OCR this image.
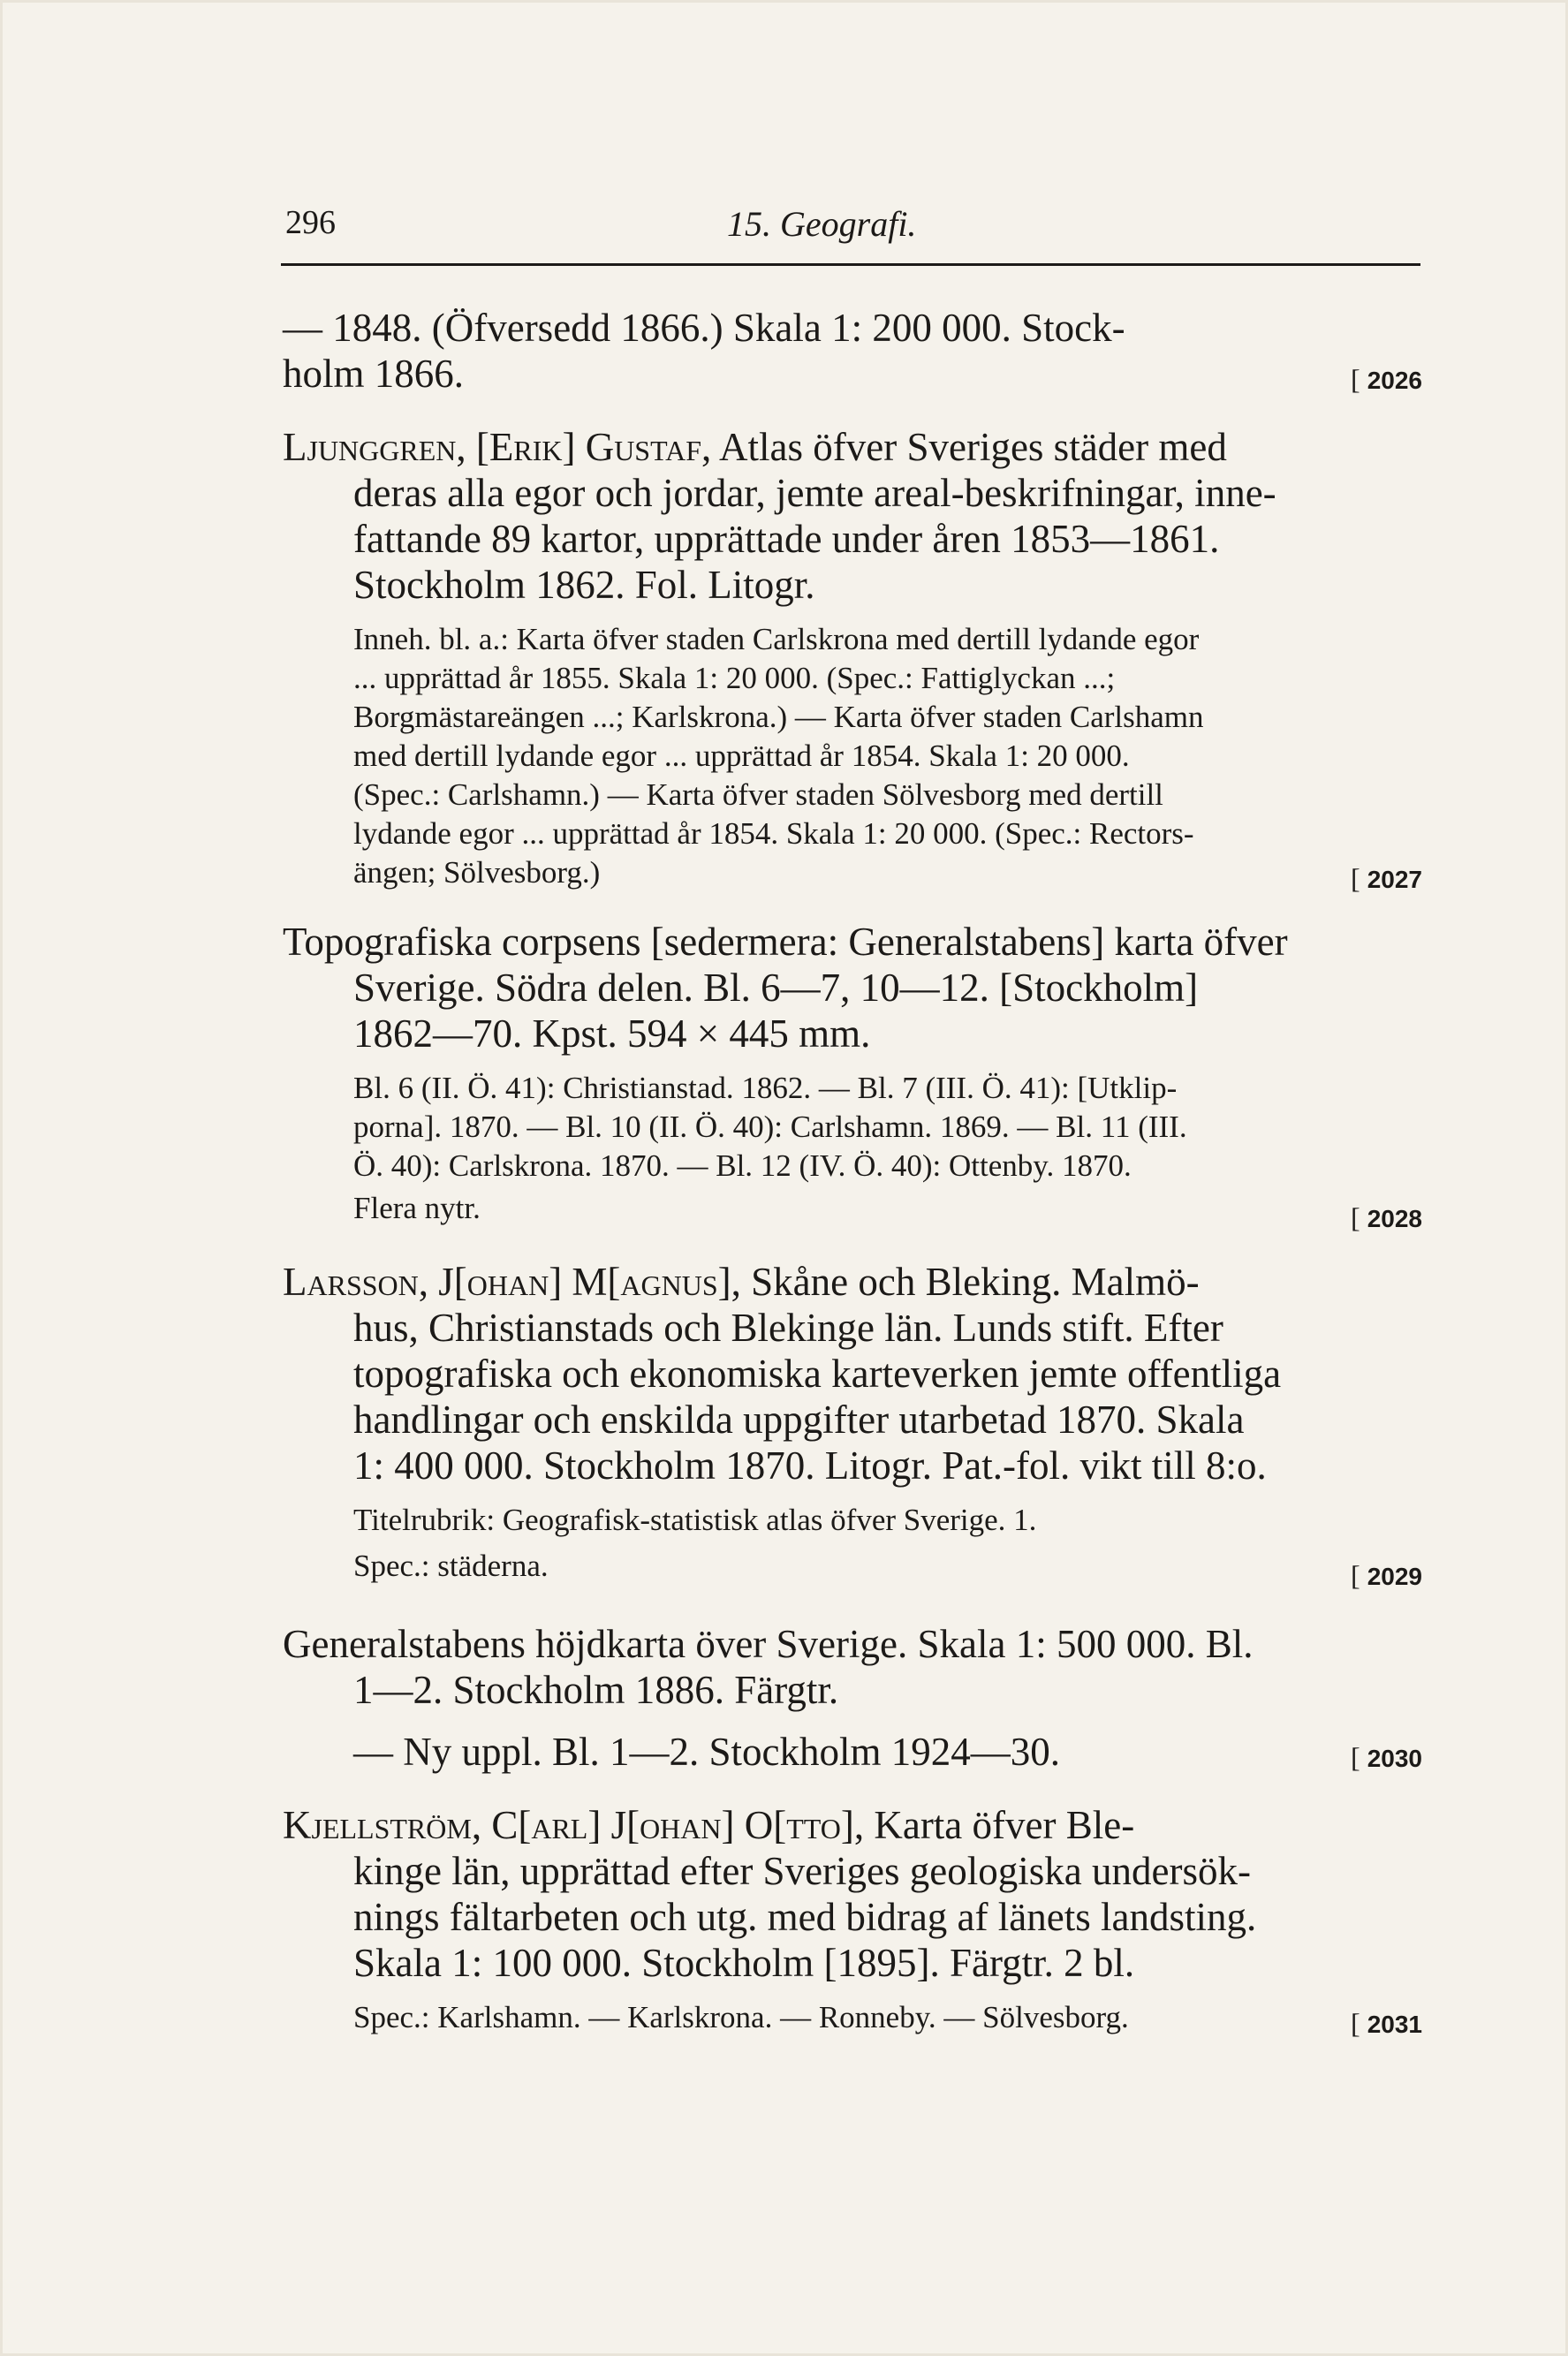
296	15. Geografi.
— 1848. (Öfversedd 1866.) Skala 1: 200 000. Stock-
holm 1866.	[ 2026
Ljunggren, [Erik] Gustaf, Atlas öfver Sveriges städer med
deras alla egor och jordar, jemte areal-beskrifningar, inne-
fattande 89 kartor, upprättade under åren 1853—1861.
Stockholm 1862. Fol. Litogr.
Inneh. bl. a.: Karta öfver staden Carlskrona med dertill lydande egor
... upprättad år 1855. Skala 1: 20 000. (Spec.: Fattiglyckan ...;
Borgmästareängen ...; Karlskrona.) — Karta öfver staden Carlshamn
med dertill lydande egor ... upprättad år 1854. Skala 1: 20 000.
(Spec.: Carlshamn.) — Karta öfver staden Sölvesborg med dertill
lydande egor ... upprättad år 1854. Skala 1: 20 000. (Spec.: Rectors-
ängen; Sölvesborg.)	[ 2027
Topografiska corpsens [sedermera: Generalstabens] karta öfver
Sverige. Södra delen. Bl. 6—7, 10—12. [Stockholm]
1862—70. Kpst. 594 × 445 mm.
Bl. 6 (II. Ö. 41): Christianstad. 1862. — Bl. 7 (III. Ö. 41): [Utklip-
porna]. 1870. — Bl. 10 (II. Ö. 40): Carlshamn. 1869. — Bl. 11 (III.
Ö. 40): Carlskrona. 1870. — Bl. 12 (IV. Ö. 40): Ottenby. 1870.
Flera nytr.	[ 2028
Larsson, J[ohan] M[agnus], Skåne och Bleking. Malmö-
hus, Christianstads och Blekinge län. Lunds stift. Efter
topografiska och ekonomiska karteverken jemte offentliga
handlingar och enskilda uppgifter utarbetad 1870. Skala
1: 400 000. Stockholm 1870. Litogr. Pat.-fol. vikt till 8:o.
Titelrubrik: Geografisk-statistisk atlas öfver Sverige. 1.
Spec.: städerna.	[ 2029
Generalstabens höjdkarta över Sverige. Skala 1: 500 000. Bl.
1—2. Stockholm 1886. Färgtr.
— Ny uppl. Bl. 1—2. Stockholm 1924—30.	[ 2030
Kjellström, C[arl] J[ohan] O[tto], Karta öfver Ble-
kinge län, upprättad efter Sveriges geologiska undersök-
nings fältarbeten och utg. med bidrag af länets landsting.
Skala 1: 100 000. Stockholm [1895]. Färgtr. 2 bl.
Spec.: Karlshamn. — Karlskrona. — Ronneby. — Sölvesborg.	[ 2031
